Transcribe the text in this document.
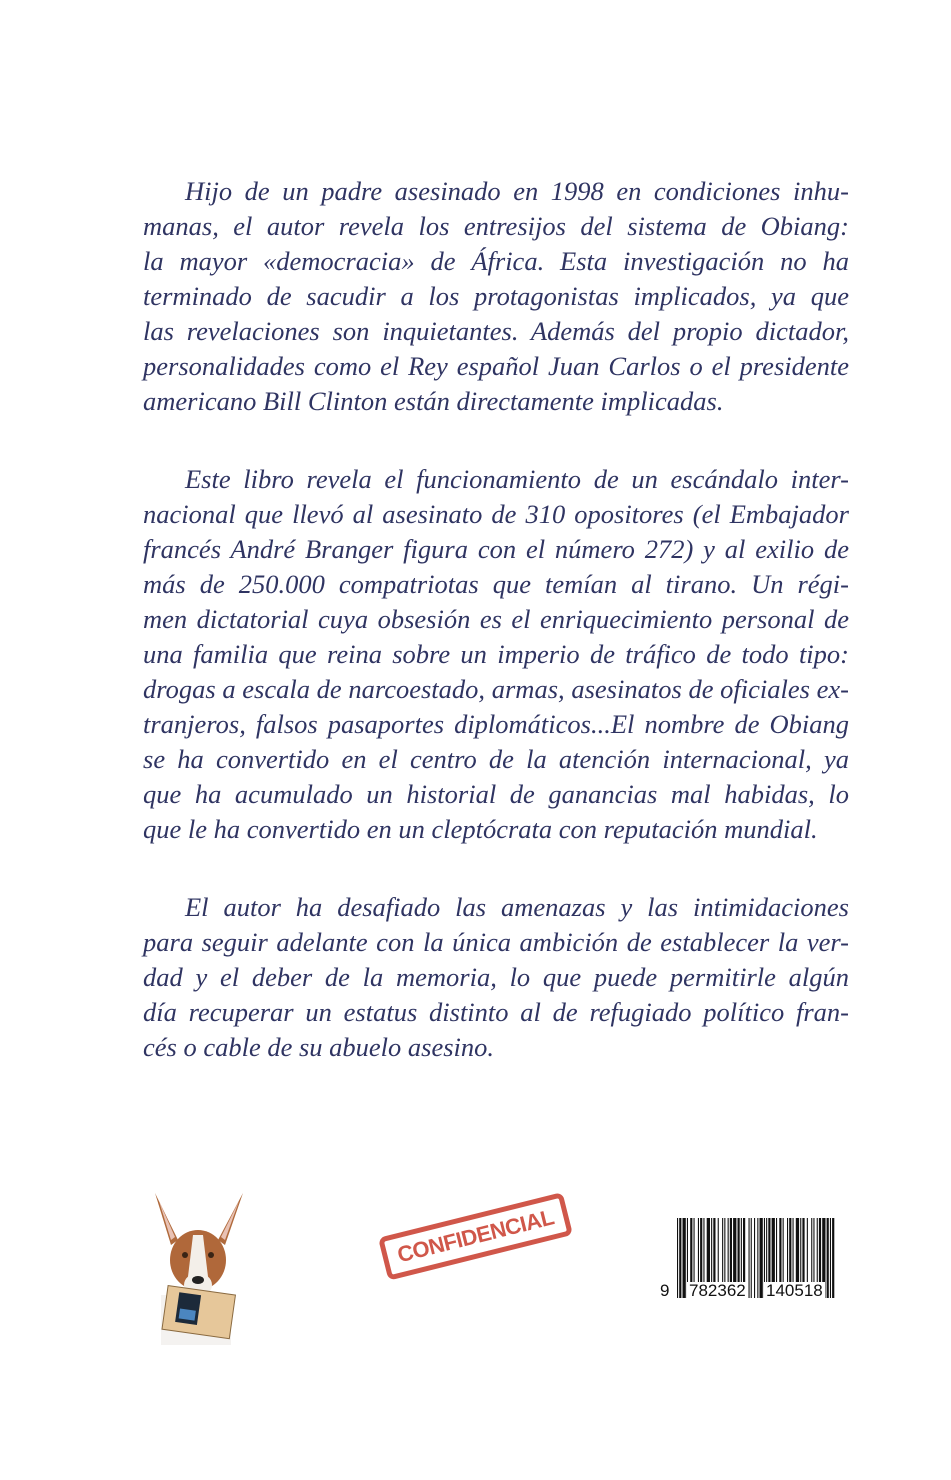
Hijo de un padre asesinado en 1998 en condiciones inhu-
manas, el autor revela los entresijos del sistema de Obiang:
la mayor «democracia» de África. Esta investigación no ha
terminado de sacudir a los protagonistas implicados, ya que
las revelaciones son inquietantes. Además del propio dictador,
personalidades como el Rey español Juan Carlos o el presidente
americano Bill Clinton están directamente implicadas.
Este libro revela el funcionamiento de un escándalo inter-
nacional que llevó al asesinato de 310 opositores (el Embajador
francés André Branger figura con el número 272) y al exilio de
más de 250.000 compatriotas que temían al tirano. Un régi-
men dictatorial cuya obsesión es el enriquecimiento personal de
una familia que reina sobre un imperio de tráfico de todo tipo:
drogas a escala de narcoestado, armas, asesinatos de oficiales ex-
tranjeros, falsos pasaportes diplomáticos...El nombre de Obiang
se ha convertido en el centro de la atención internacional, ya
que ha acumulado un historial de ganancias mal habidas, lo
que le ha convertido en un cleptócrata con reputación mundial.
El autor ha desafiado las amenazas y las intimidaciones
para seguir adelante con la única ambición de establecer la ver-
dad y el deber de la memoria, lo que puede permitirle algún
día recuperar un estatus distinto al de refugiado político fran-
cés o cable de su abuelo asesino.
CONFIDENCIAL
9 782362 140518
